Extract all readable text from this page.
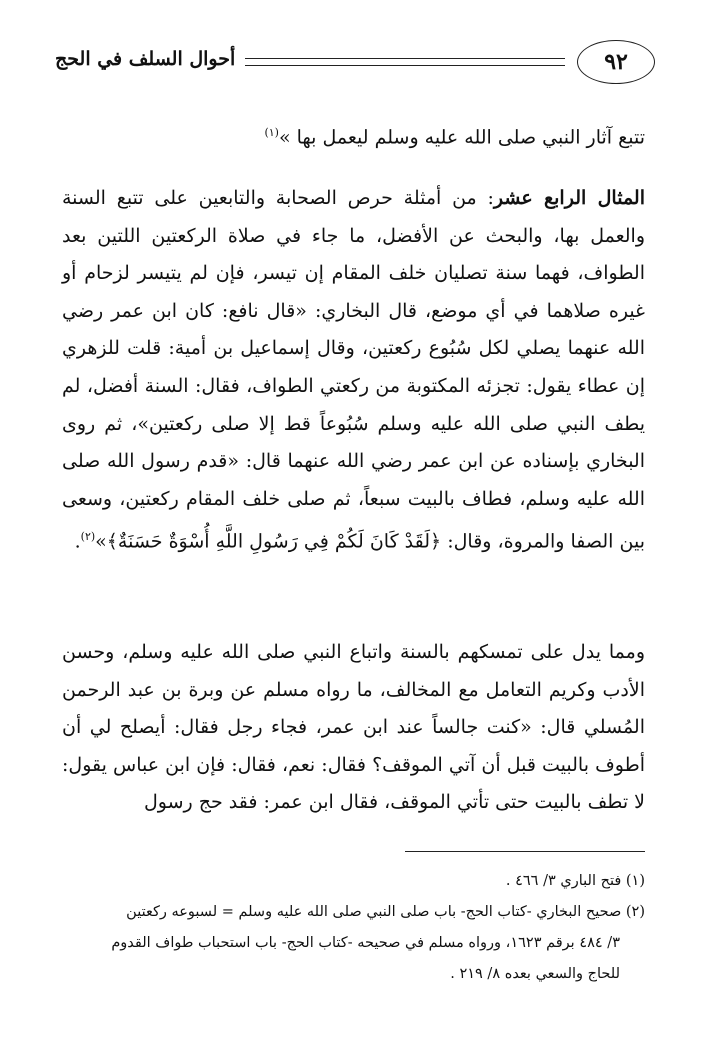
٩٢
أحوال السلف في الحج
تتبع آثار النبي صلى الله عليه وسلم ليعمل بها »$^{(١)}$
المثال الرابع عشر: من أمثلة حرص الصحابة والتابعين على تتبع السنة والعمل بها، والبحث عن الأفضل، ما جاء في صلاة الركعتين اللتين بعد الطواف، فهما سنة تصليان خلف المقام إن تيسر، فإن لم يتيسر لزحام أو غيره صلاهما في أي موضع، قال البخاري: «قال نافع: كان ابن عمر رضي الله عنهما يصلي لكل سُبُوع ركعتين، وقال إسماعيل بن أمية: قلت للزهري إن عطاء يقول: تجزئه المكتوبة من ركعتي الطواف، فقال: السنة أفضل، لم يطف النبي صلى الله عليه وسلم سُبُوعاً قط إلا صلى ركعتين»، ثم روى البخاري بإسناده عن ابن عمر رضي الله عنهما قال: «قدم رسول الله صلى الله عليه وسلم، فطاف بالبيت سبعاً، ثم صلى خلف المقام ركعتين، وسعى بين الصفا والمروة، وقال: ﴿لَقَدْ كَانَ لَكُمْ فِي رَسُولِ اللَّهِ أُسْوَةٌ حَسَنَةٌ﴾»$^{(٢)}$.
ومما يدل على تمسكهم بالسنة واتباع النبي صلى الله عليه وسلم، وحسن الأدب وكريم التعامل مع المخالف، ما رواه مسلم عن وبرة بن عبد الرحمن المُسلي قال: «كنت جالساً عند ابن عمر، فجاء رجل فقال: أيصلح لي أن أطوف بالبيت قبل أن آتي الموقف؟ فقال: نعم، فقال: فإن ابن عباس يقول: لا تطف بالبيت حتى تأتي الموقف، فقال ابن عمر: فقد حج رسول
(١) فتح الباري ٣/ ٤٦٦ .
(٢) صحيح البخاري -كتاب الحج- باب صلى النبي صلى الله عليه وسلم = لسبوعه ركعتين
٣/ ٤٨٤ برقم ١٦٢٣، ورواه مسلم في صحيحه -كتاب الحج- باب استحباب طواف القدوم
للحاج والسعي بعده ٨/ ٢١٩ .
